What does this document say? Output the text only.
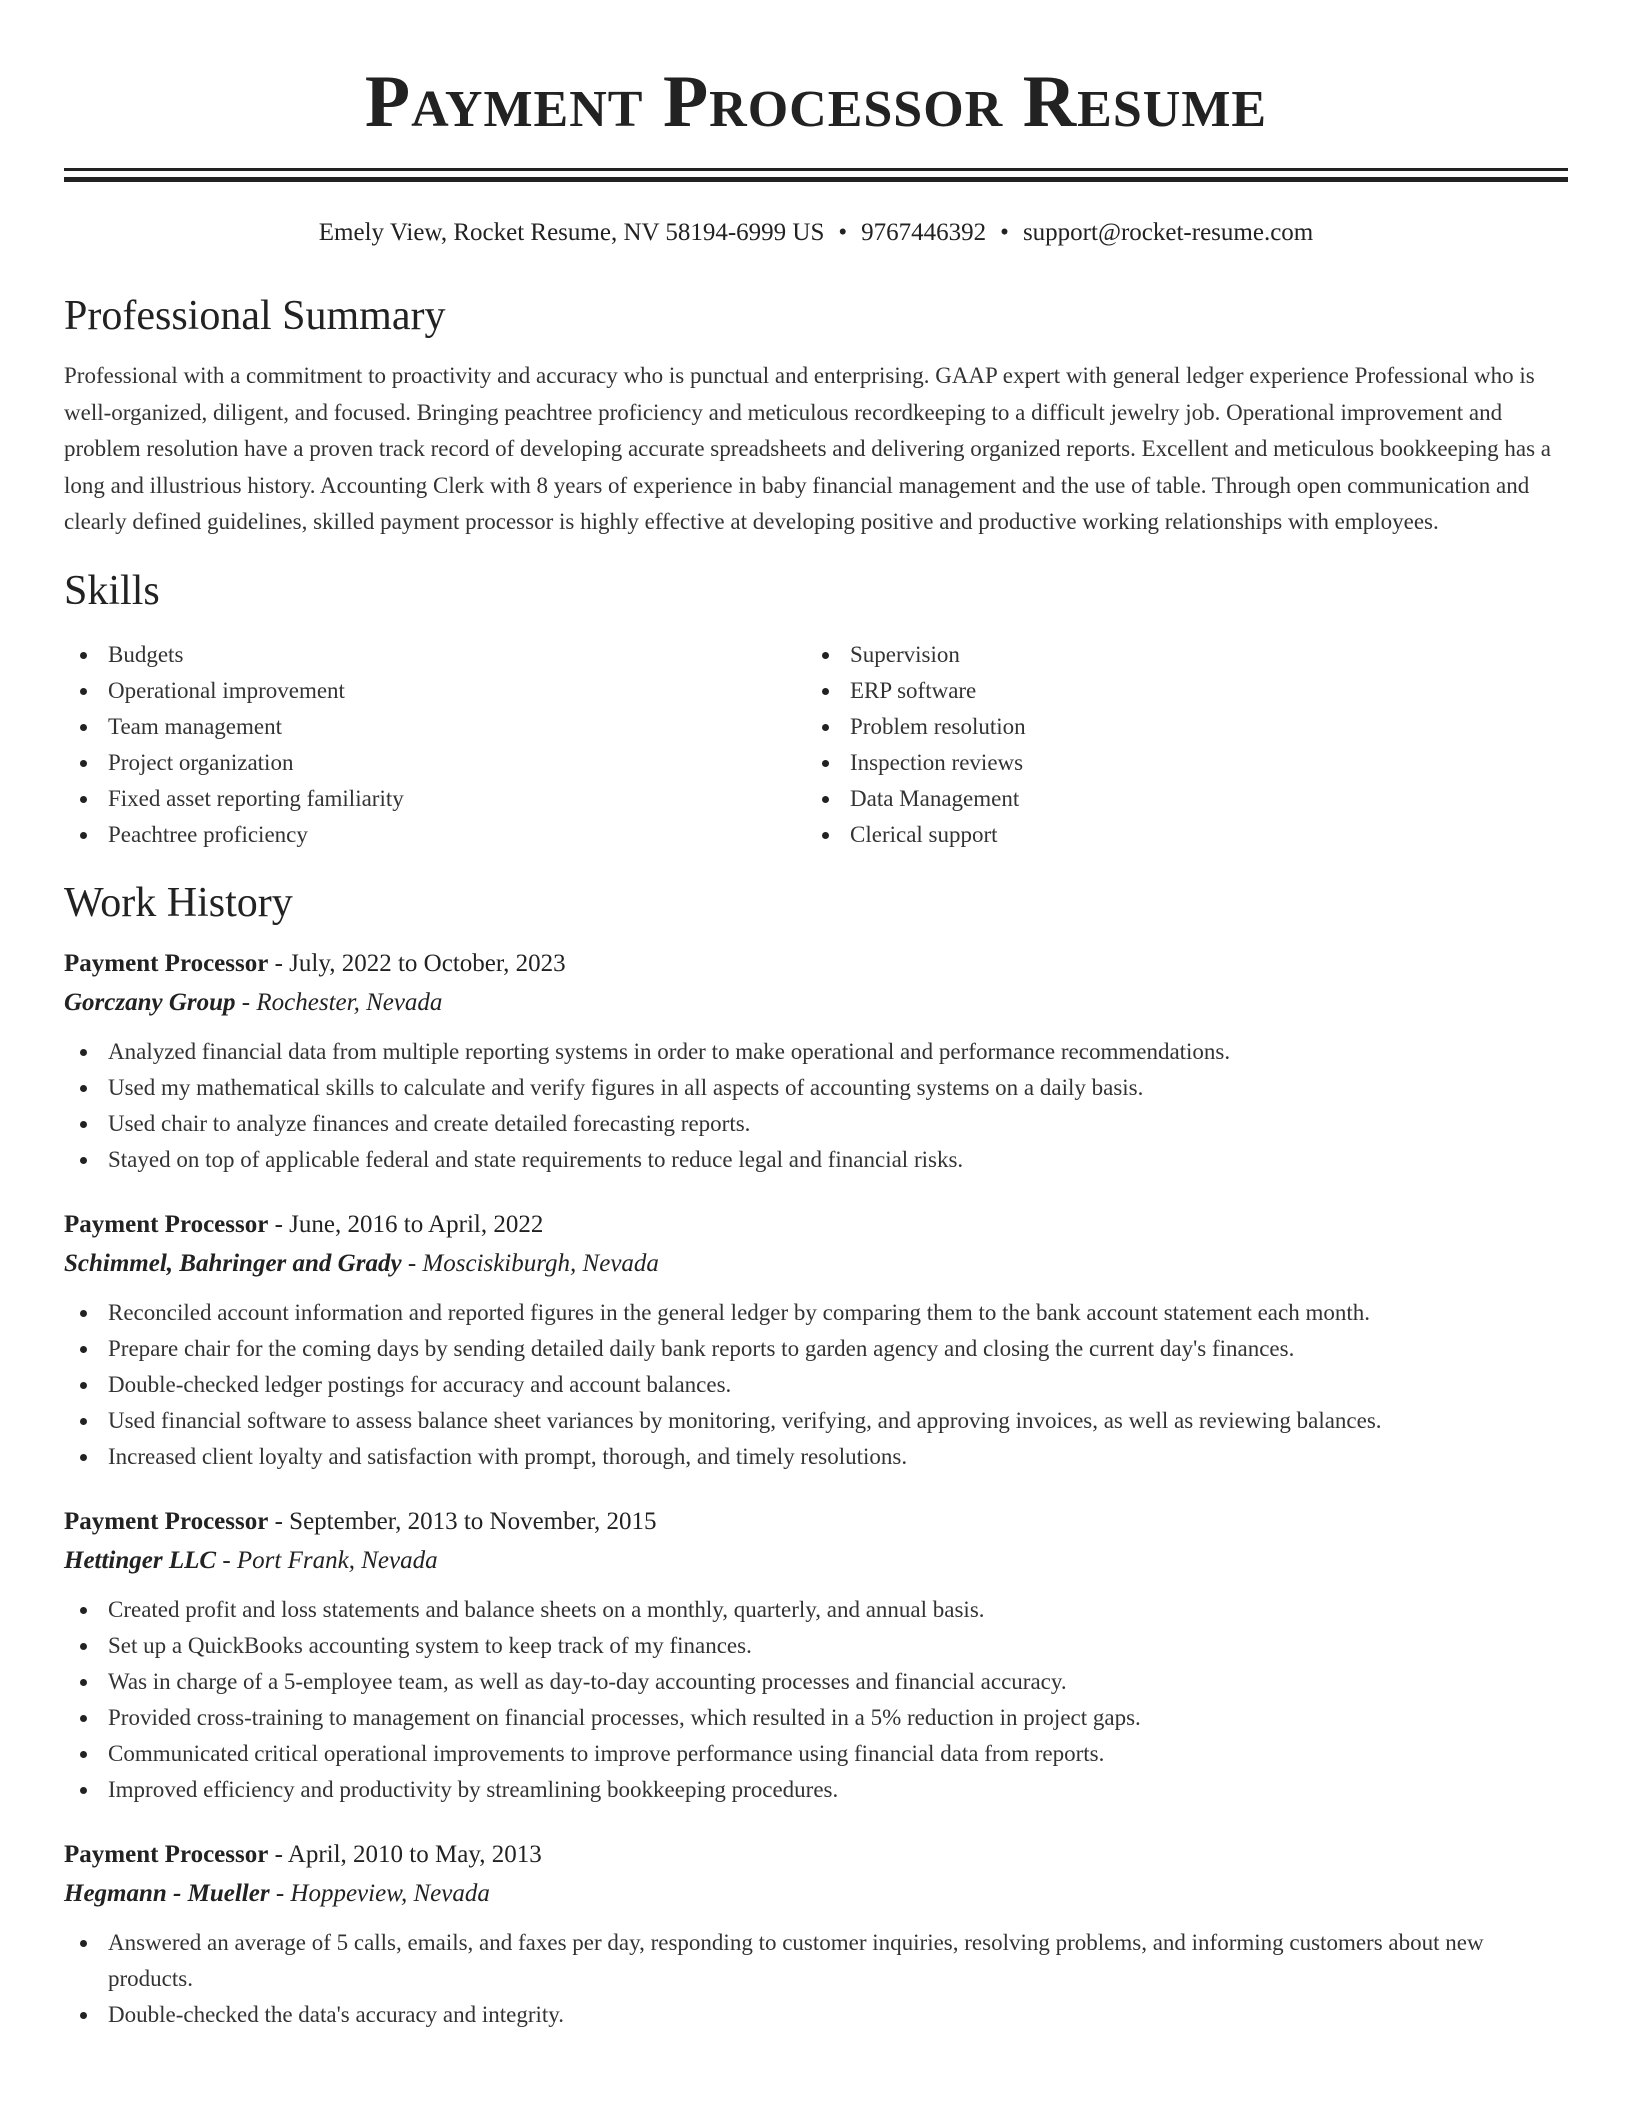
Payment Processor Resume
Emely View, Rocket Resume, NV 58194-6999 US • 9767446392 • support@rocket-resume.com
Professional Summary
Professional with a commitment to proactivity and accuracy who is punctual and enterprising. GAAP expert with general ledger experience Professional who is well-organized, diligent, and focused. Bringing peachtree proficiency and meticulous recordkeeping to a difficult jewelry job. Operational improvement and problem resolution have a proven track record of developing accurate spreadsheets and delivering organized reports. Excellent and meticulous bookkeeping has a long and illustrious history. Accounting Clerk with 8 years of experience in baby financial management and the use of table. Through open communication and clearly defined guidelines, skilled payment processor is highly effective at developing positive and productive working relationships with employees.
Skills
Budgets
Operational improvement
Team management
Project organization
Fixed asset reporting familiarity
Peachtree proficiency
Supervision
ERP software
Problem resolution
Inspection reviews
Data Management
Clerical support
Work History
Payment Processor - July, 2022 to October, 2023
Gorczany Group - Rochester, Nevada
Analyzed financial data from multiple reporting systems in order to make operational and performance recommendations.
Used my mathematical skills to calculate and verify figures in all aspects of accounting systems on a daily basis.
Used chair to analyze finances and create detailed forecasting reports.
Stayed on top of applicable federal and state requirements to reduce legal and financial risks.
Payment Processor - June, 2016 to April, 2022
Schimmel, Bahringer and Grady - Mosciskiburgh, Nevada
Reconciled account information and reported figures in the general ledger by comparing them to the bank account statement each month.
Prepare chair for the coming days by sending detailed daily bank reports to garden agency and closing the current day's finances.
Double-checked ledger postings for accuracy and account balances.
Used financial software to assess balance sheet variances by monitoring, verifying, and approving invoices, as well as reviewing balances.
Increased client loyalty and satisfaction with prompt, thorough, and timely resolutions.
Payment Processor - September, 2013 to November, 2015
Hettinger LLC - Port Frank, Nevada
Created profit and loss statements and balance sheets on a monthly, quarterly, and annual basis.
Set up a QuickBooks accounting system to keep track of my finances.
Was in charge of a 5-employee team, as well as day-to-day accounting processes and financial accuracy.
Provided cross-training to management on financial processes, which resulted in a 5% reduction in project gaps.
Communicated critical operational improvements to improve performance using financial data from reports.
Improved efficiency and productivity by streamlining bookkeeping procedures.
Payment Processor - April, 2010 to May, 2013
Hegmann - Mueller - Hoppeview, Nevada
Answered an average of 5 calls, emails, and faxes per day, responding to customer inquiries, resolving problems, and informing customers about new products.
Double-checked the data's accuracy and integrity.
